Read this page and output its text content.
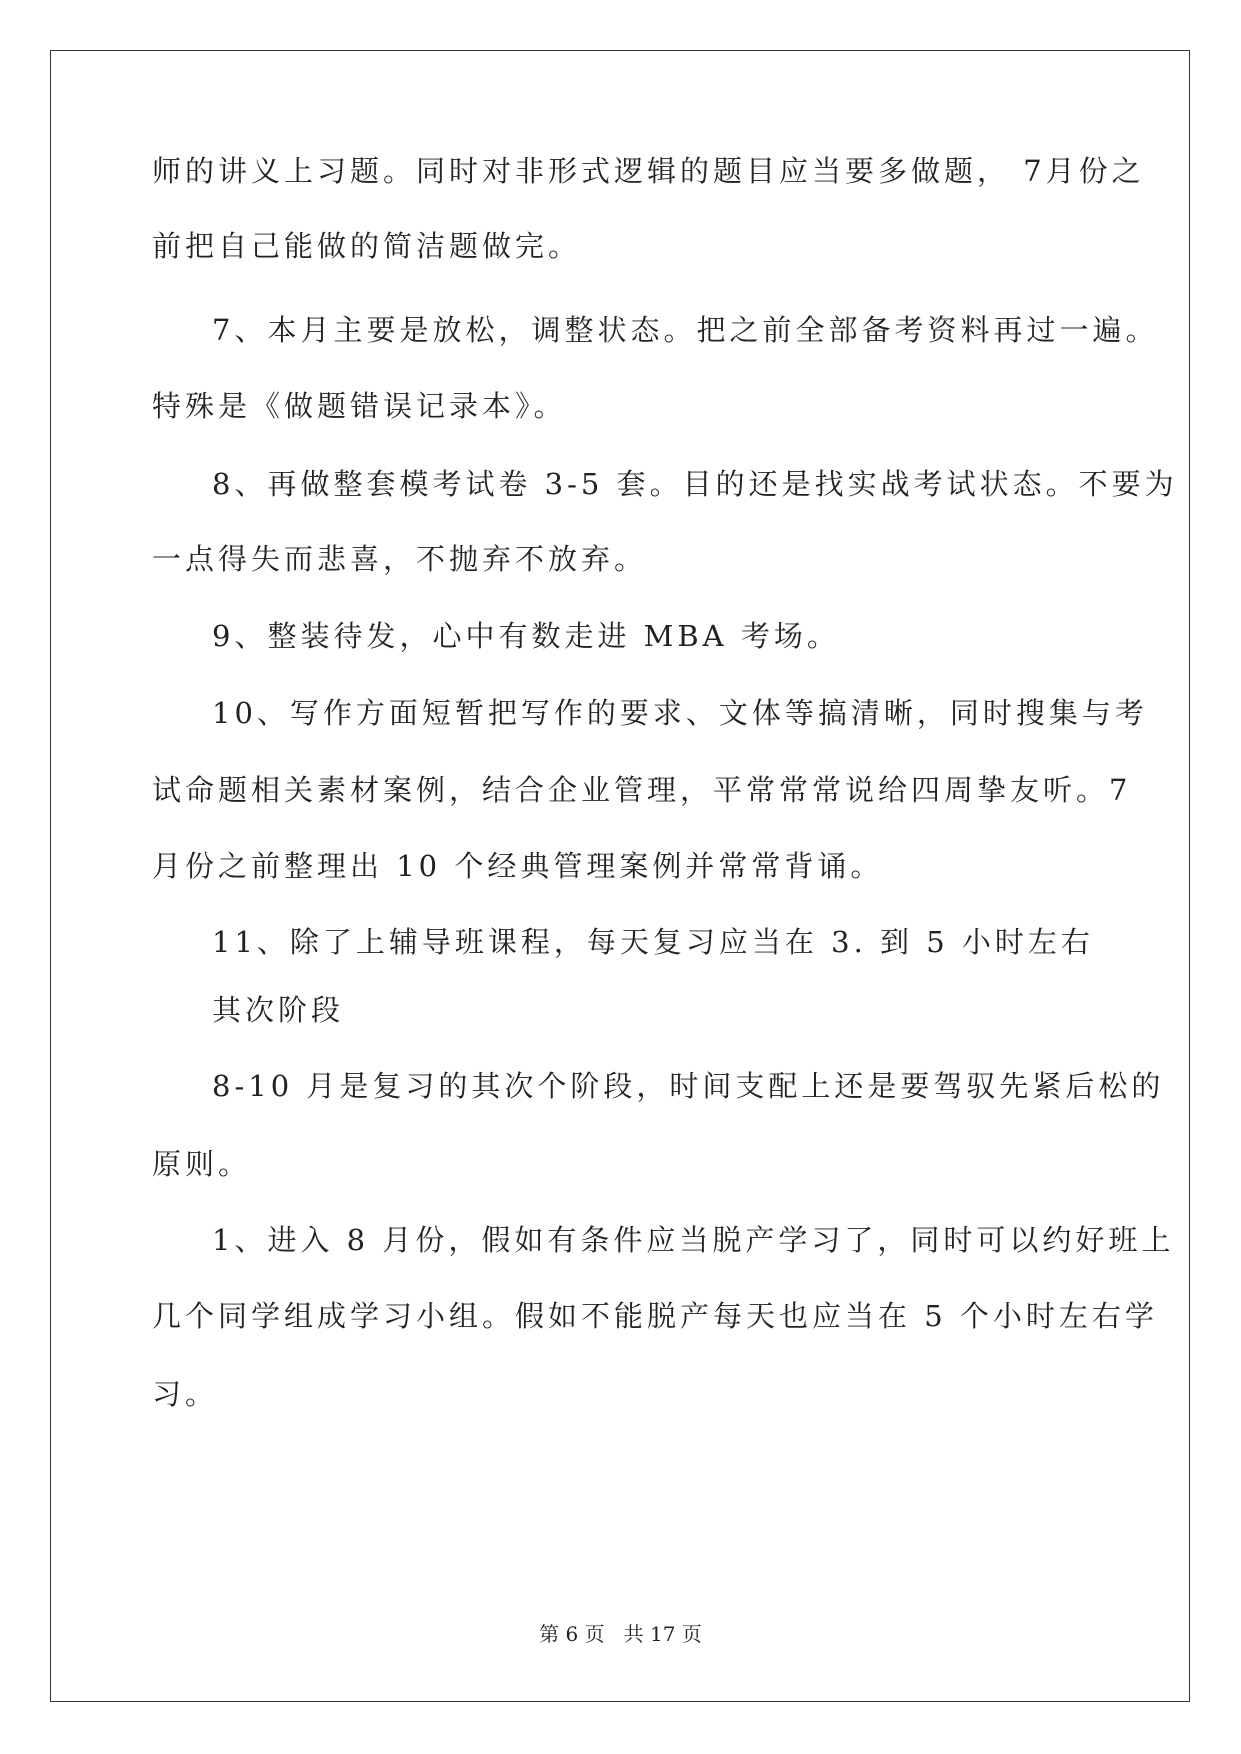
师的讲义上习题。同时对非形式逻辑的题目应当要多做题， 7月份之
前把自己能做的简洁题做完。
7、本月主要是放松，调整状态。把之前全部备考资料再过一遍。
特殊是《做题错误记录本》。
8、再做整套模考试卷 3-5 套。目的还是找实战考试状态。不要为
一点得失而悲喜，不抛弃不放弃。
9、整装待发，心中有数走进 MBA 考场。
10、写作方面短暂把写作的要求、文体等搞清晰，同时搜集与考
试命题相关素材案例，结合企业管理，平常常常说给四周挚友听。7
月份之前整理出 10 个经典管理案例并常常背诵。
11、除了上辅导班课程，每天复习应当在 3. 到 5 小时左右
其次阶段
8-10 月是复习的其次个阶段，时间支配上还是要驾驭先紧后松的
原则。
1、进入 8 月份，假如有条件应当脱产学习了，同时可以约好班上
几个同学组成学习小组。假如不能脱产每天也应当在 5 个小时左右学
习。
第 6 页   共 17 页
